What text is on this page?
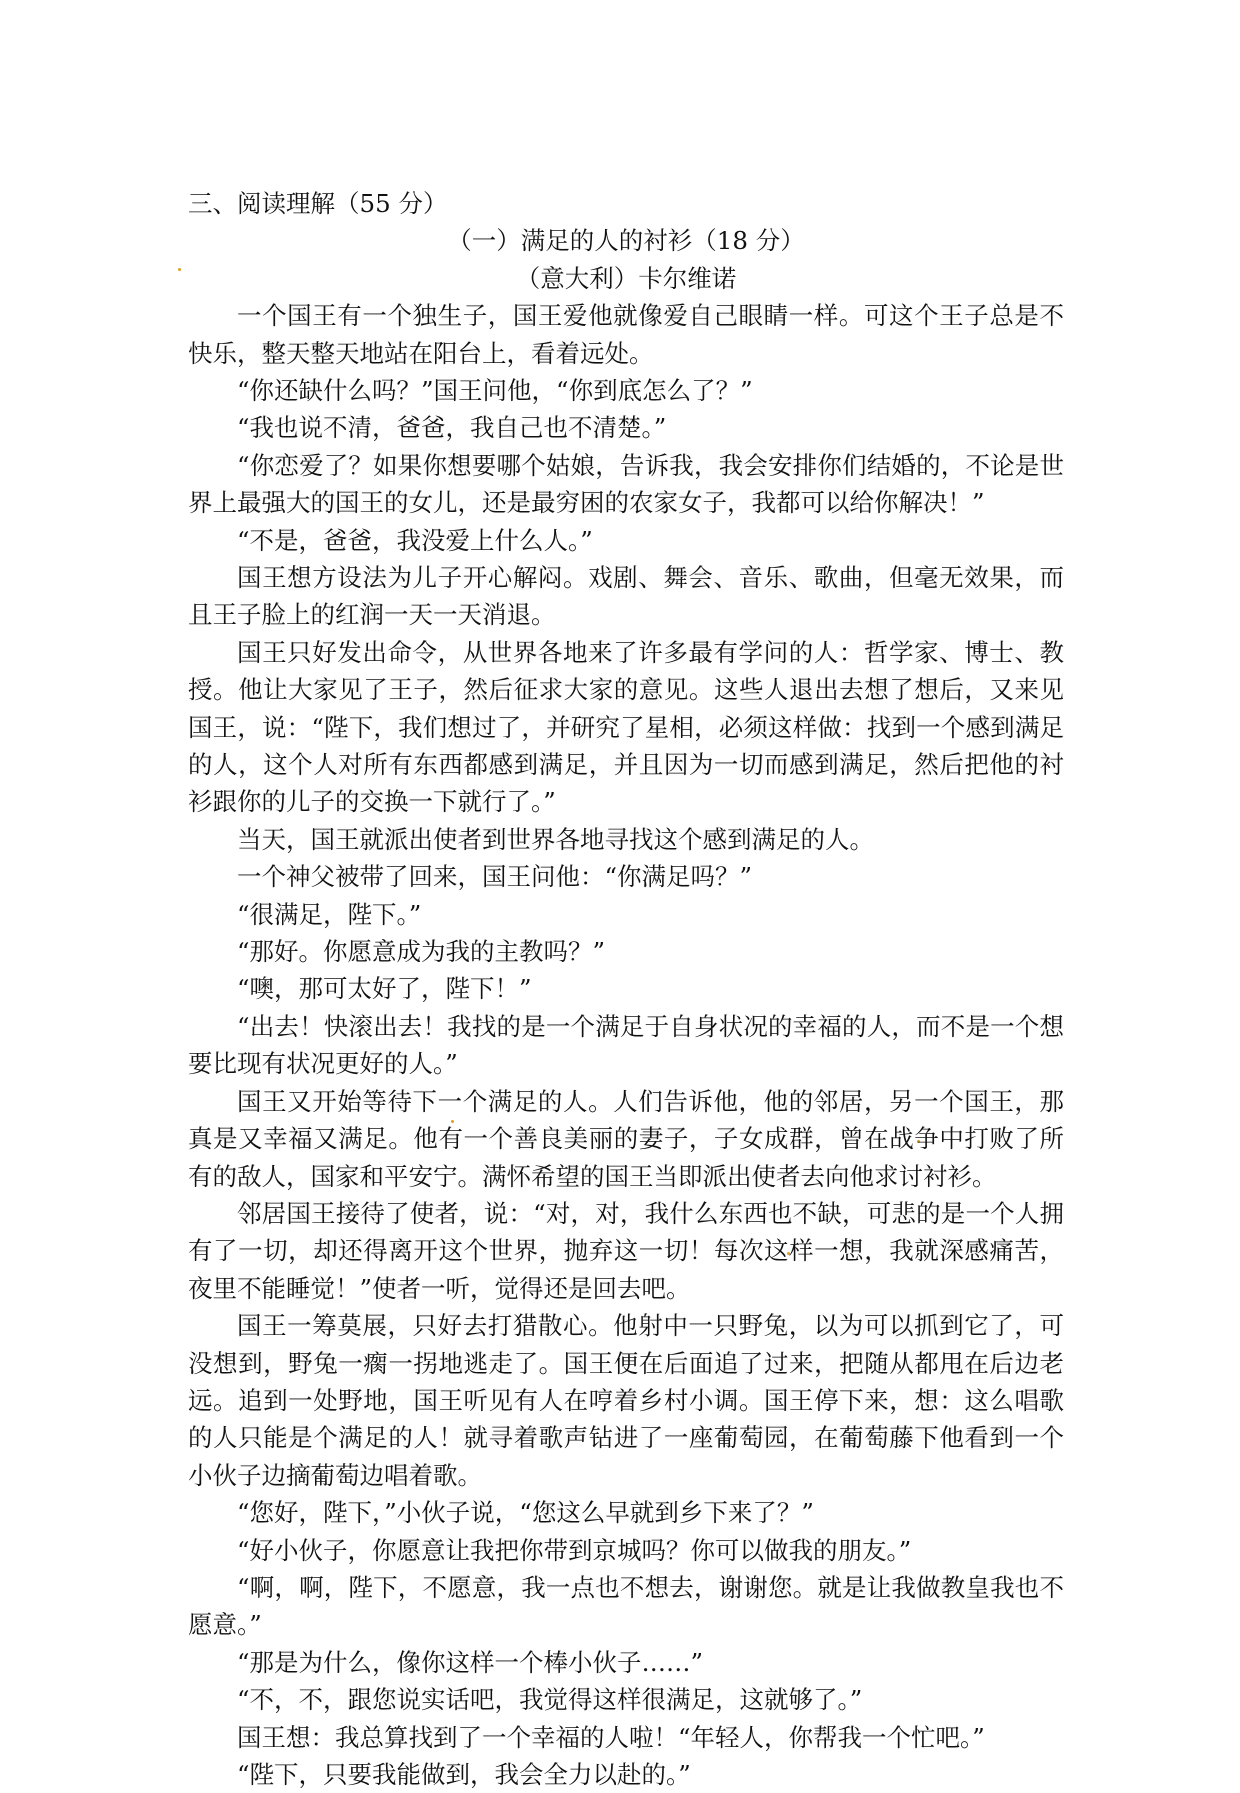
三、阅读理解（55 分）
（一）满足的人的衬衫（18 分）
（意大利）卡尔维诺

一个国王有一个独生子，国王爱他就像爱自己眼睛一样。可这个王子总是不快乐，整天整天地站在阳台上，看着远处。

“你还缺什么吗？”国王问他，“你到底怎么了？”

“我也说不清，爸爸，我自己也不清楚。”

“你恋爱了？如果你想要哪个姑娘，告诉我，我会安排你们结婚的，不论是世界上最强大的国王的女儿，还是最穷困的农家女子，我都可以给你解决！”

“不是，爸爸，我没爱上什么人。”

国王想方设法为儿子开心解闷。戏剧、舞会、音乐、歌曲，但毫无效果，而且王子脸上的红润一天一天消退。

国王只好发出命令，从世界各地来了许多最有学问的人：哲学家、博士、教授。他让大家见了王子，然后征求大家的意见。这些人退出去想了想后，又来见国王，说：“陛下，我们想过了，并研究了星相，必须这样做：找到一个感到满足的人，这个人对所有东西都感到满足，并且因为一切而感到满足，然后把他的衬衫跟你的儿子的交换一下就行了。”

当天，国王就派出使者到世界各地寻找这个感到满足的人。

一个神父被带了回来，国王问他：“你满足吗？”

“很满足，陛下。”

“那好。你愿意成为我的主教吗？”

“噢，那可太好了，陛下！”

“出去！快滚出去！我找的是一个满足于自身状况的幸福的人，而不是一个想要比现有状况更好的人。”

国王又开始等待下一个满足的人。人们告诉他，他的邻居，另一个国王，那真是又幸福又满足。他有一个善良美丽的妻子，子女成群，曾在战争中打败了所有的敌人，国家和平安宁。满怀希望的国王当即派出使者去向他求讨衬衫。

邻居国王接待了使者，说：“对，对，我什么东西也不缺，可悲的是一个人拥有了一切，却还得离开这个世界，抛弃这一切！每次这样一想，我就深感痛苦，夜里不能睡觉！”使者一听，觉得还是回去吧。

国王一筹莫展，只好去打猎散心。他射中一只野兔，以为可以抓到它了，可没想到，野兔一瘸一拐地逃走了。国王便在后面追了过来，把随从都甩在后边老远。追到一处野地，国王听见有人在哼着乡村小调。国王停下来，想：这么唱歌的人只能是个满足的人！就寻着歌声钻进了一座葡萄园，在葡萄藤下他看到一个小伙子边摘葡萄边唱着歌。

“您好，陛下，”小伙子说，“您这么早就到乡下来了？”

“好小伙子，你愿意让我把你带到京城吗？你可以做我的朋友。”

“啊，啊，陛下，不愿意，我一点也不想去，谢谢您。就是让我做教皇我也不愿意。”

“那是为什么，像你这样一个棒小伙子……”

“不，不，跟您说实话吧，我觉得这样很满足，这就够了。”

国王想：我总算找到了一个幸福的人啦！“年轻人，你帮我一个忙吧。”

“陛下，只要我能做到，我会全力以赴的。”
